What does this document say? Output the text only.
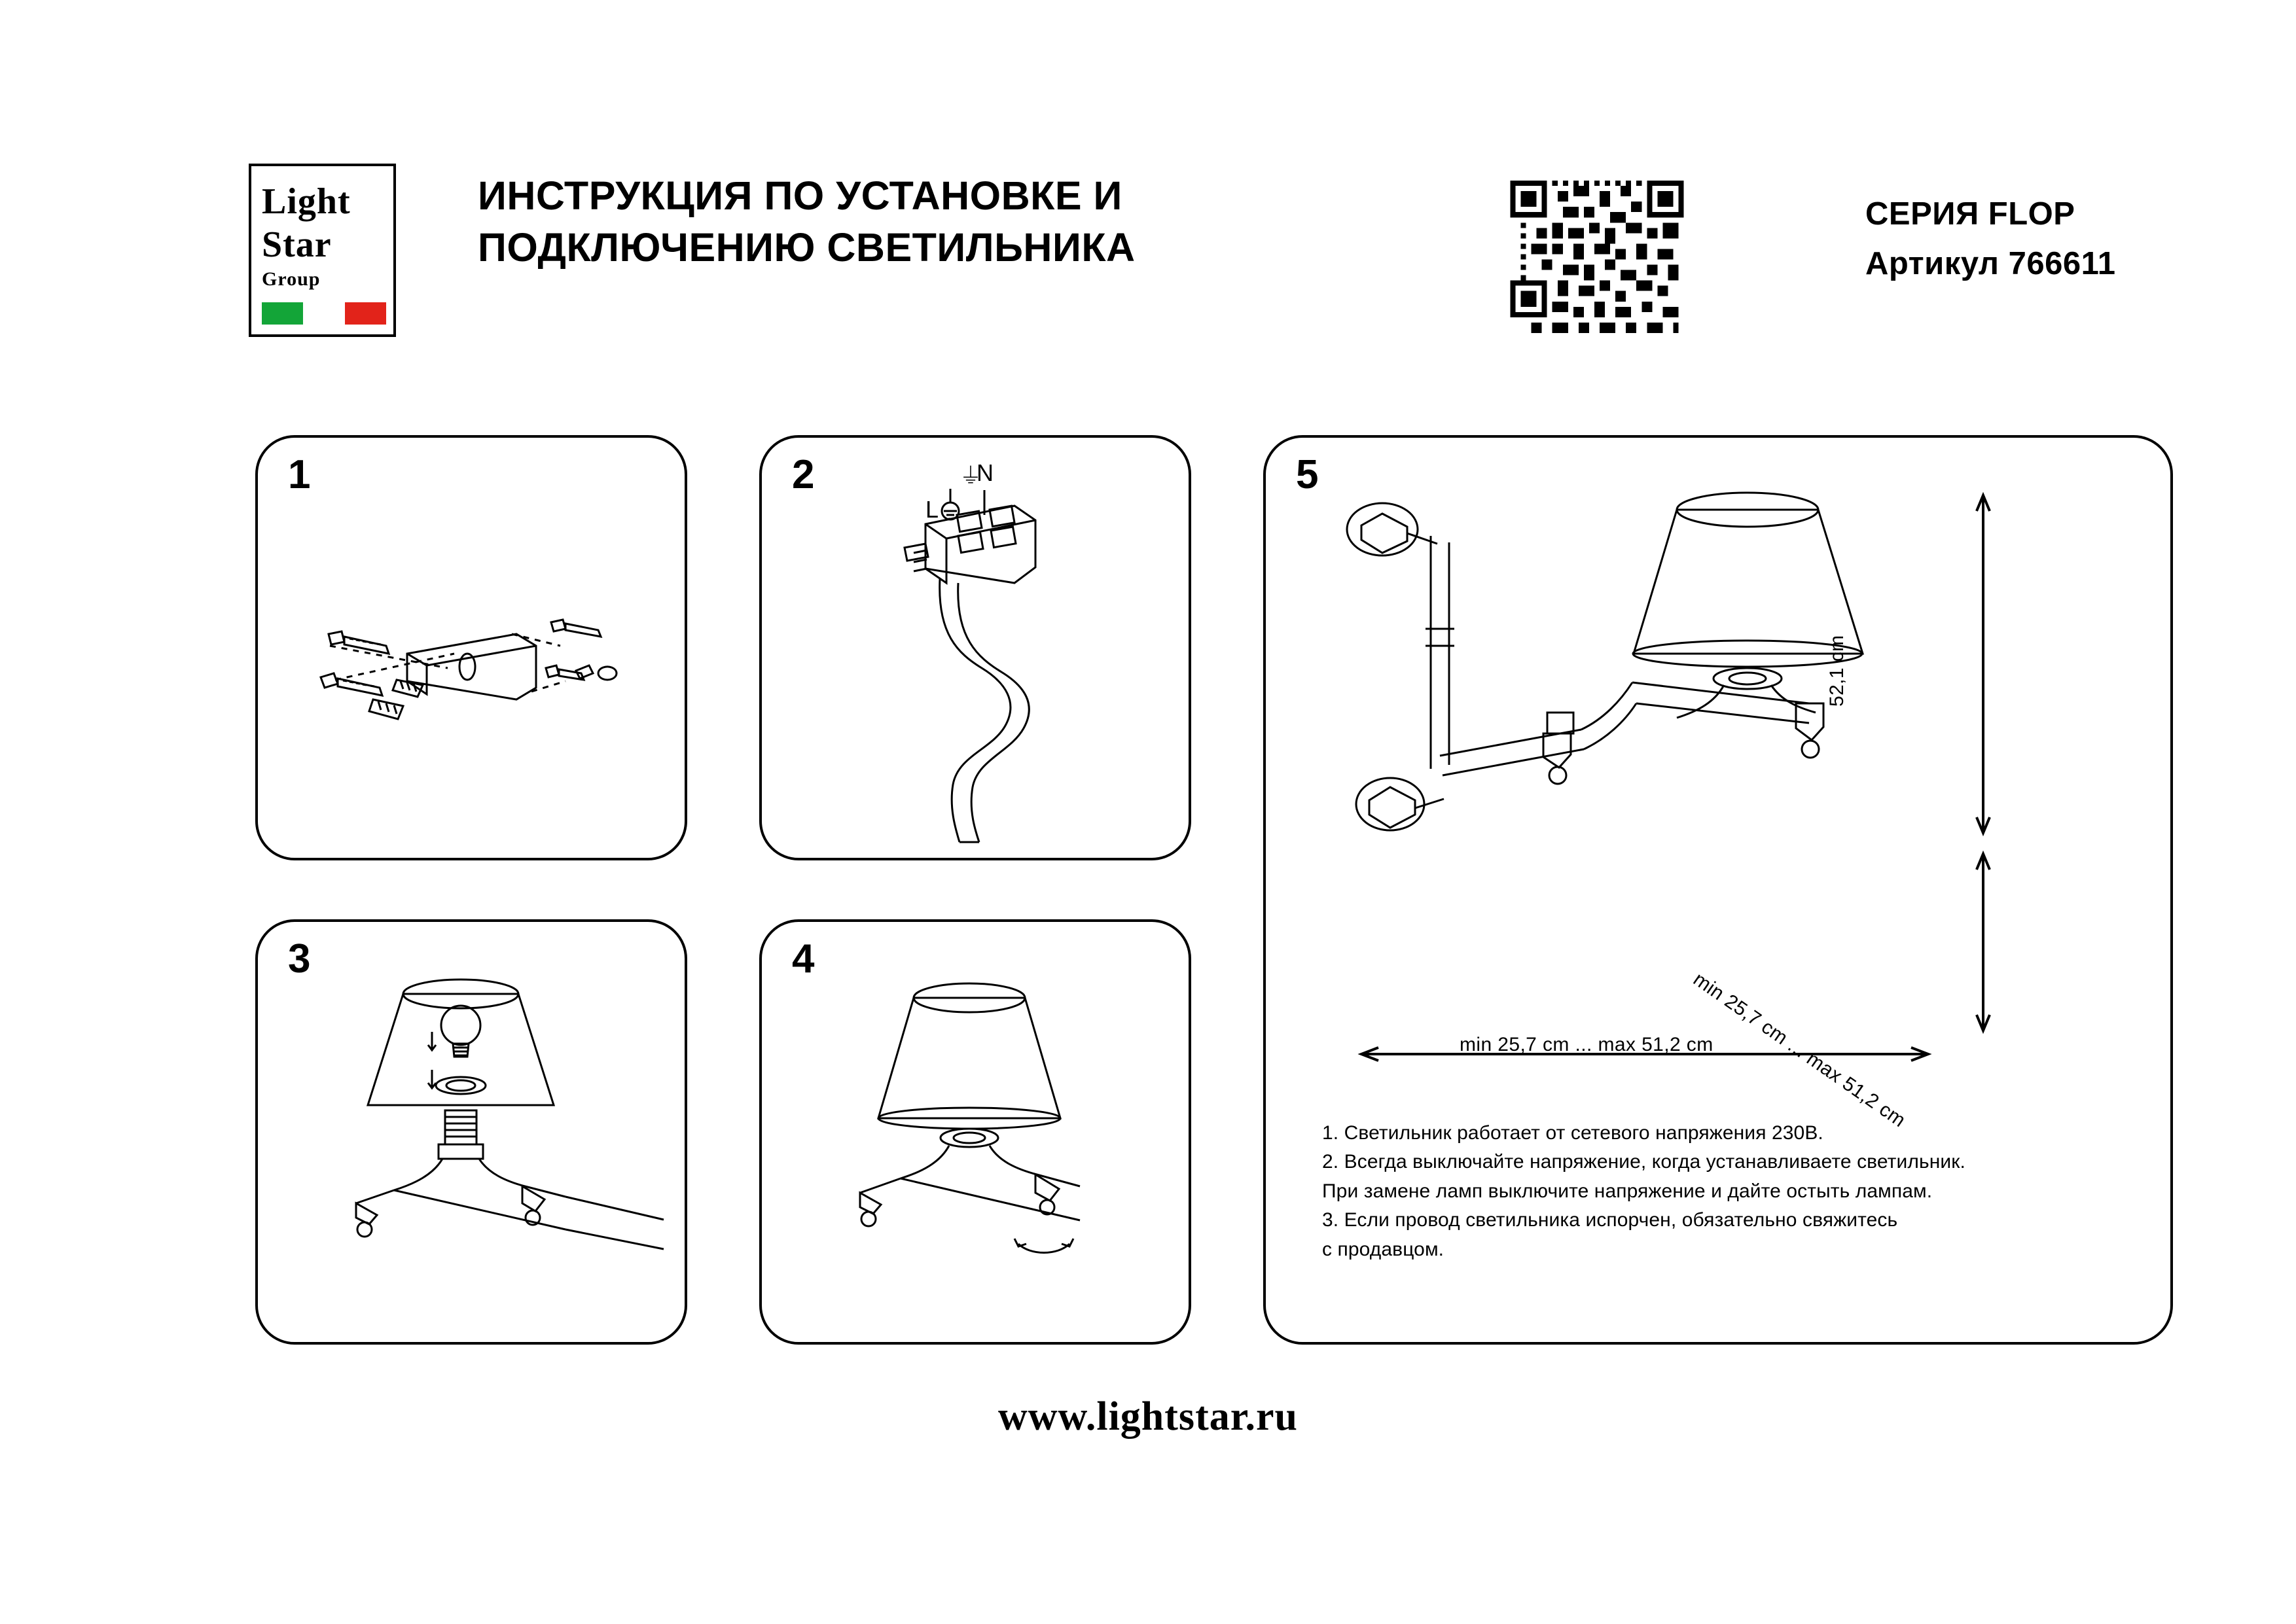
Light
Star
Group
ИНСТРУКЦИЯ ПО УСТАНОВКЕ И ПОДКЛЮЧЕНИЮ СВЕТИЛЬНИКА
СЕРИЯ FLOP
Артикул 766611
1	2	⏚
L
N
3	4
5
52,1 cm
min 25,7 cm ... max 51,2 cm
min 25,7 cm ... max 51,2 cm

1. Светильник работает от сетевого напряжения 230В.

2. Всегда выключайте напряжение, когда устанавливаете светильник.

При замене ламп выключите напряжение и дайте остыть лампам.

3. Если провод светильника испорчен, обязательно свяжитесь

с продавцом.

www.lightstar.ru
